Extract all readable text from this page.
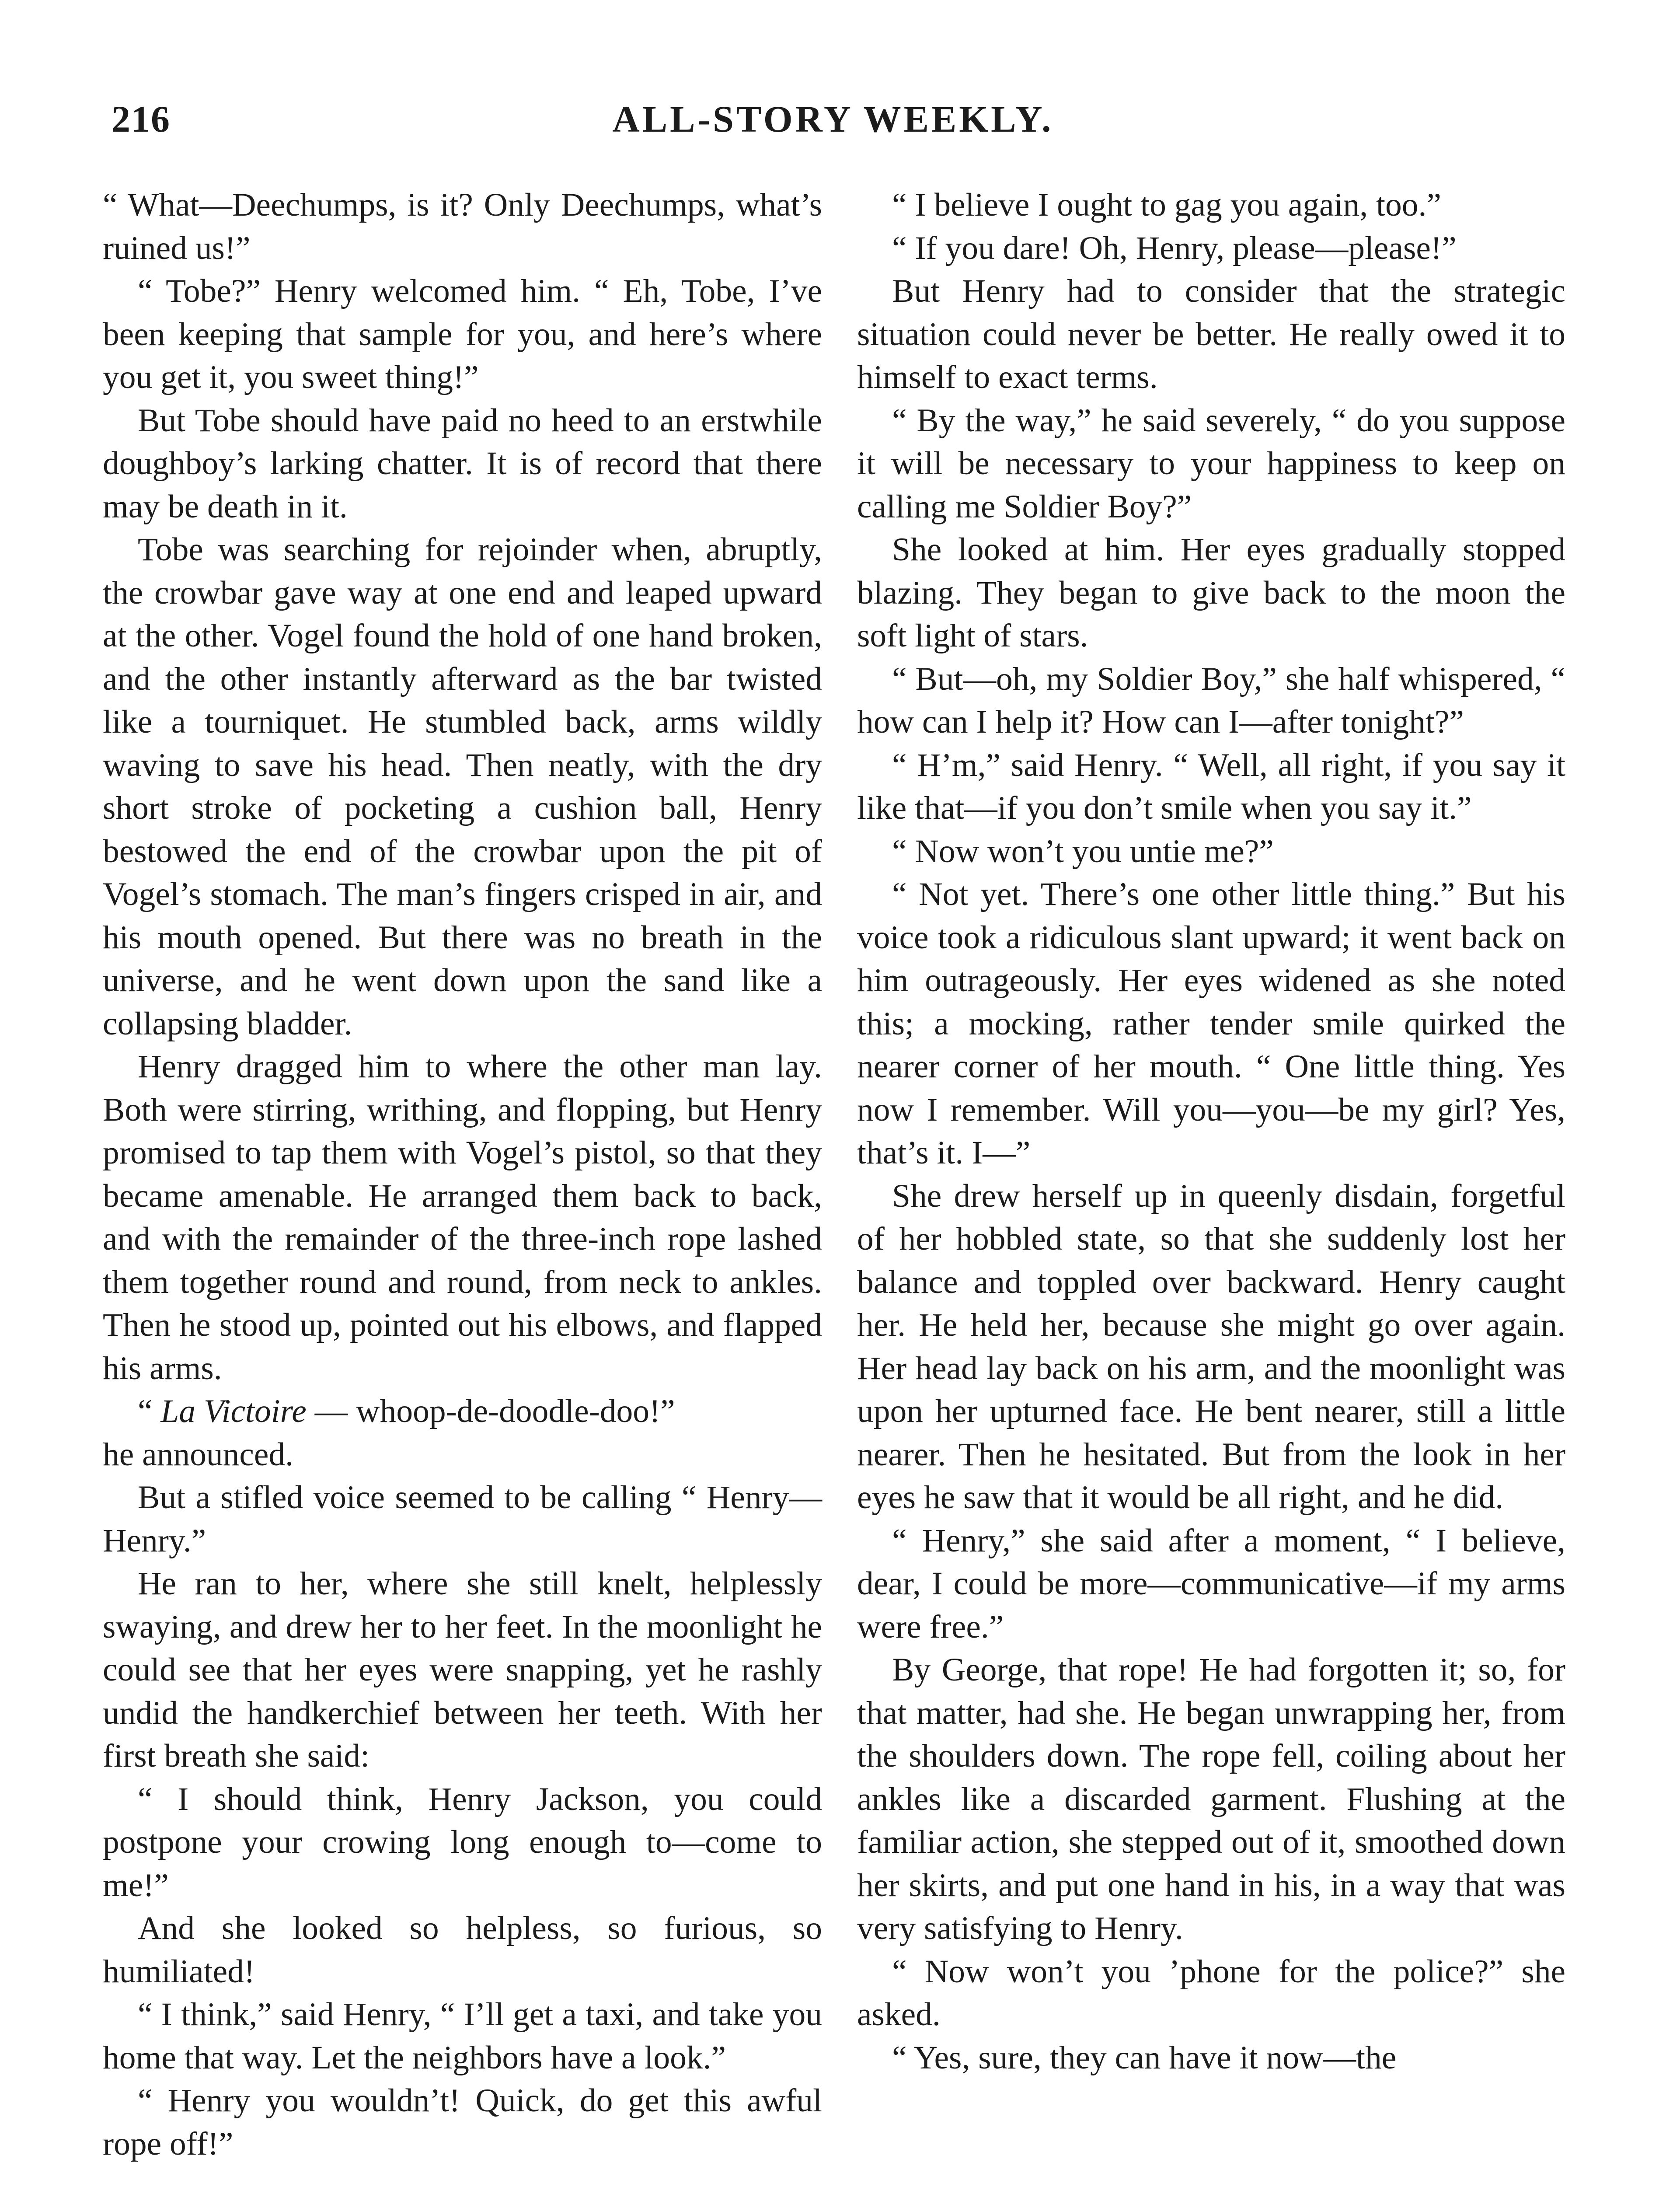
ALL-STORY WEEKLY.
216

“ What—Deechumps, is it? Only Deechumps, what’s ruined us!”

“ Tobe?” Henry welcomed him. “ Eh, Tobe, I’ve been keeping that sample for you, and here’s where you get it, you sweet thing!”

But Tobe should have paid no heed to an erstwhile doughboy’s larking chatter. It is of record that there may be death in it.

Tobe was searching for rejoinder when, abruptly, the crowbar gave way at one end and leaped upward at the other. Vogel found the hold of one hand broken, and the other instantly afterward as the bar twisted like a tourniquet. He stumbled back, arms wildly waving to save his head. Then neatly, with the dry short stroke of pocketing a cushion ball, Henry bestowed the end of the crowbar upon the pit of Vogel’s stomach. The man’s fingers crisped in air, and his mouth opened. But there was no breath in the universe, and he went down upon the sand like a collapsing bladder.

Henry dragged him to where the other man lay. Both were stirring, writhing, and flopping, but Henry promised to tap them with Vogel’s pistol, so that they became amenable. He arranged them back to back, and with the remainder of the three-inch rope lashed them together round and round, from neck to ankles. Then he stood up, pointed out his elbows, and flapped his arms.

“ La Victoire — whoop-de-doodle-doo!”

he announced.

But a stifled voice seemed to be calling “ Henry—Henry.”

He ran to her, where she still knelt, helplessly swaying, and drew her to her feet. In the moonlight he could see that her eyes were snapping, yet he rashly undid the handkerchief between her teeth. With her first breath she said:

“ I should think, Henry Jackson, you could postpone your crowing long enough to—come to me!”

And she looked so helpless, so furious, so humiliated!

“ I think,” said Henry, “ I’ll get a taxi, and take you home that way. Let the neighbors have a look.”

“ Henry you wouldn’t! Quick, do get this awful rope off!”

“ I believe I ought to gag you again, too.”

“ If you dare! Oh, Henry, please—please!”

But Henry had to consider that the strategic situation could never be better. He really owed it to himself to exact terms.

“ By the way,” he said severely, “ do you suppose it will be necessary to your happiness to keep on calling me Soldier Boy?”

She looked at him. Her eyes gradually stopped blazing. They began to give back to the moon the soft light of stars.

“ But—oh, my Soldier Boy,” she half whispered, “ how can I help it? How can I—after tonight?”

“ H’m,” said Henry. “ Well, all right, if you say it like that—if you don’t smile when you say it.”

“ Now won’t you untie me?”

“ Not yet. There’s one other little thing.” But his voice took a ridiculous slant upward; it went back on him outrageously. Her eyes widened as she noted this; a mocking, rather tender smile quirked the nearer corner of her mouth. “ One little thing. Yes now I remember. Will you—you—be my girl? Yes, that’s it. I—”

She drew herself up in queenly disdain, forgetful of her hobbled state, so that she suddenly lost her balance and toppled over backward. Henry caught her. He held her, because she might go over again. Her head lay back on his arm, and the moonlight was upon her upturned face. He bent nearer, still a little nearer. Then he hesitated. But from the look in her eyes he saw that it would be all right, and he did.

“ Henry,” she said after a moment, “ I believe, dear, I could be more—communicative—if my arms were free.”

By George, that rope! He had forgotten it; so, for that matter, had she. He began unwrapping her, from the shoulders down. The rope fell, coiling about her ankles like a discarded garment. Flushing at the familiar action, she stepped out of it, smoothed down her skirts, and put one hand in his, in a way that was very satisfying to Henry.

“ Now won’t you ’phone for the police?” she asked.

“ Yes, sure, they can have it now—the
